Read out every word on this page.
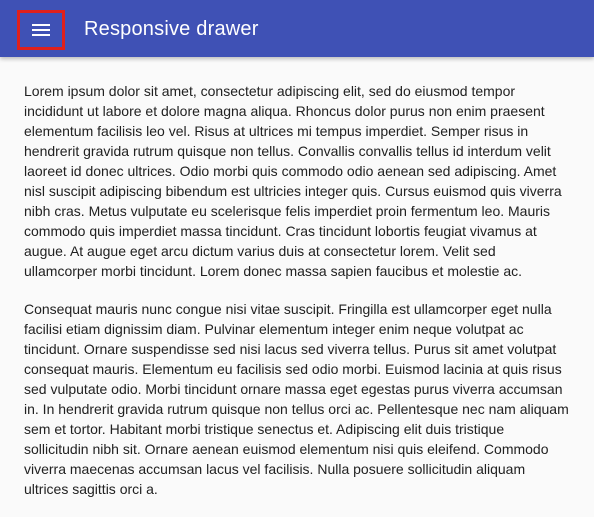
Responsive drawer

Lorem ipsum dolor sit amet, consectetur adipiscing elit, sed do eiusmod tempor incididunt ut labore et dolore magna aliqua. Rhoncus dolor purus non enim praesent elementum facilisis leo vel. Risus at ultrices mi tempus imperdiet. Semper risus in hendrerit gravida rutrum quisque non tellus. Convallis convallis tellus id interdum velit laoreet id donec ultrices. Odio morbi quis commodo odio aenean sed adipiscing. Amet nisl suscipit adipiscing bibendum est ultricies integer quis. Cursus euismod quis viverra nibh cras. Metus vulputate eu scelerisque felis imperdiet proin fermentum leo. Mauris commodo quis imperdiet massa tincidunt. Cras tincidunt lobortis feugiat vivamus at augue. At augue eget arcu dictum varius duis at consectetur lorem. Velit sed ullamcorper morbi tincidunt. Lorem donec massa sapien faucibus et molestie ac.

Consequat mauris nunc congue nisi vitae suscipit. Fringilla est ullamcorper eget nulla facilisi etiam dignissim diam. Pulvinar elementum integer enim neque volutpat ac tincidunt. Ornare suspendisse sed nisi lacus sed viverra tellus. Purus sit amet volutpat consequat mauris. Elementum eu facilisis sed odio morbi. Euismod lacinia at quis risus sed vulputate odio. Morbi tincidunt ornare massa eget egestas purus viverra accumsan in. In hendrerit gravida rutrum quisque non tellus orci ac. Pellentesque nec nam aliquam sem et tortor. Habitant morbi tristique senectus et. Adipiscing elit duis tristique sollicitudin nibh sit. Ornare aenean euismod elementum nisi quis eleifend. Commodo viverra maecenas accumsan lacus vel facilisis. Nulla posuere sollicitudin aliquam ultrices sagittis orci a.
